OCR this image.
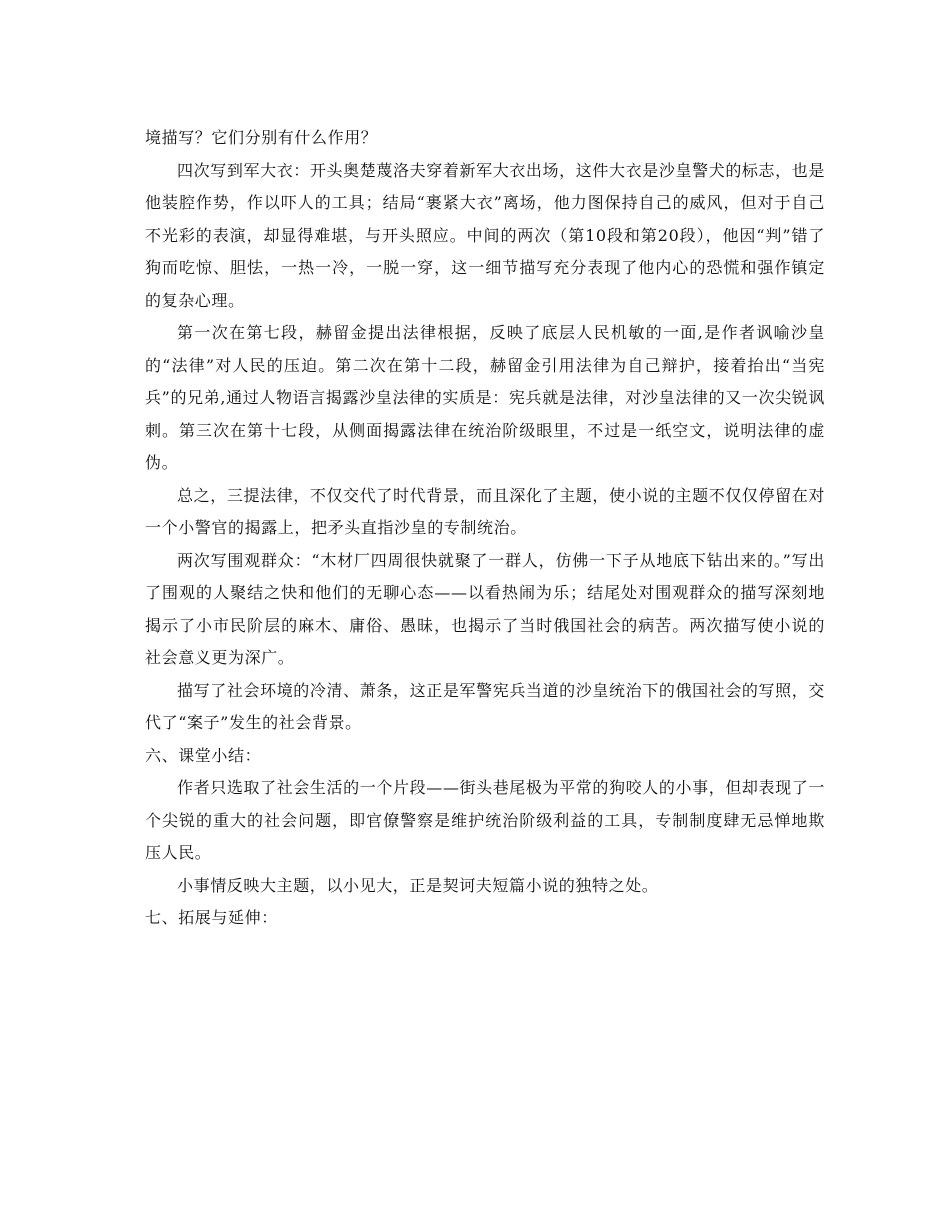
境描写？它们分别有什么作用？

四次写到军大衣：开头奥楚蔑洛夫穿着新军大衣出场，这件大衣是沙皇警犬的标志，也是他装腔作势，作以吓人的工具；结局“裹紧大衣”离场，他力图保持自己的威风，但对于自己不光彩的表演，却显得难堪，与开头照应。中间的两次（第10段和第20段），他因“判”错了狗而吃惊、胆怯，一热一冷，一脱一穿，这一细节描写充分表现了他内心的恐慌和强作镇定的复杂心理。

第一次在第七段，赫留金提出法律根据，反映了底层人民机敏的一面,是作者讽喻沙皇的“法律”对人民的压迫。第二次在第十二段，赫留金引用法律为自己辩护，接着抬出“当宪兵”的兄弟,通过人物语言揭露沙皇法律的实质是：宪兵就是法律，对沙皇法律的又一次尖锐讽刺。第三次在第十七段，从侧面揭露法律在统治阶级眼里，不过是一纸空文，说明法律的虚伪。

总之，三提法律，不仅交代了时代背景，而且深化了主题，使小说的主题不仅仅停留在对一个小警官的揭露上，把矛头直指沙皇的专制统治。

两次写围观群众：“木材厂四周很快就聚了一群人，仿佛一下子从地底下钻出来的。”写出了围观的人聚结之快和他们的无聊心态——以看热闹为乐；结尾处对围观群众的描写深刻地揭示了小市民阶层的麻木、庸俗、愚昧，也揭示了当时俄国社会的病苦。两次描写使小说的社会意义更为深广。

描写了社会环境的冷清、萧条，这正是军警宪兵当道的沙皇统治下的俄国社会的写照，交代了“案子”发生的社会背景。

六、课堂小结：

作者只选取了社会生活的一个片段——街头巷尾极为平常的狗咬人的小事，但却表现了一个尖锐的重大的社会问题，即官僚警察是维护统治阶级利益的工具，专制制度肆无忌惮地欺压人民。

小事情反映大主题，以小见大，正是契诃夫短篇小说的独特之处。

七、拓展与延伸：
